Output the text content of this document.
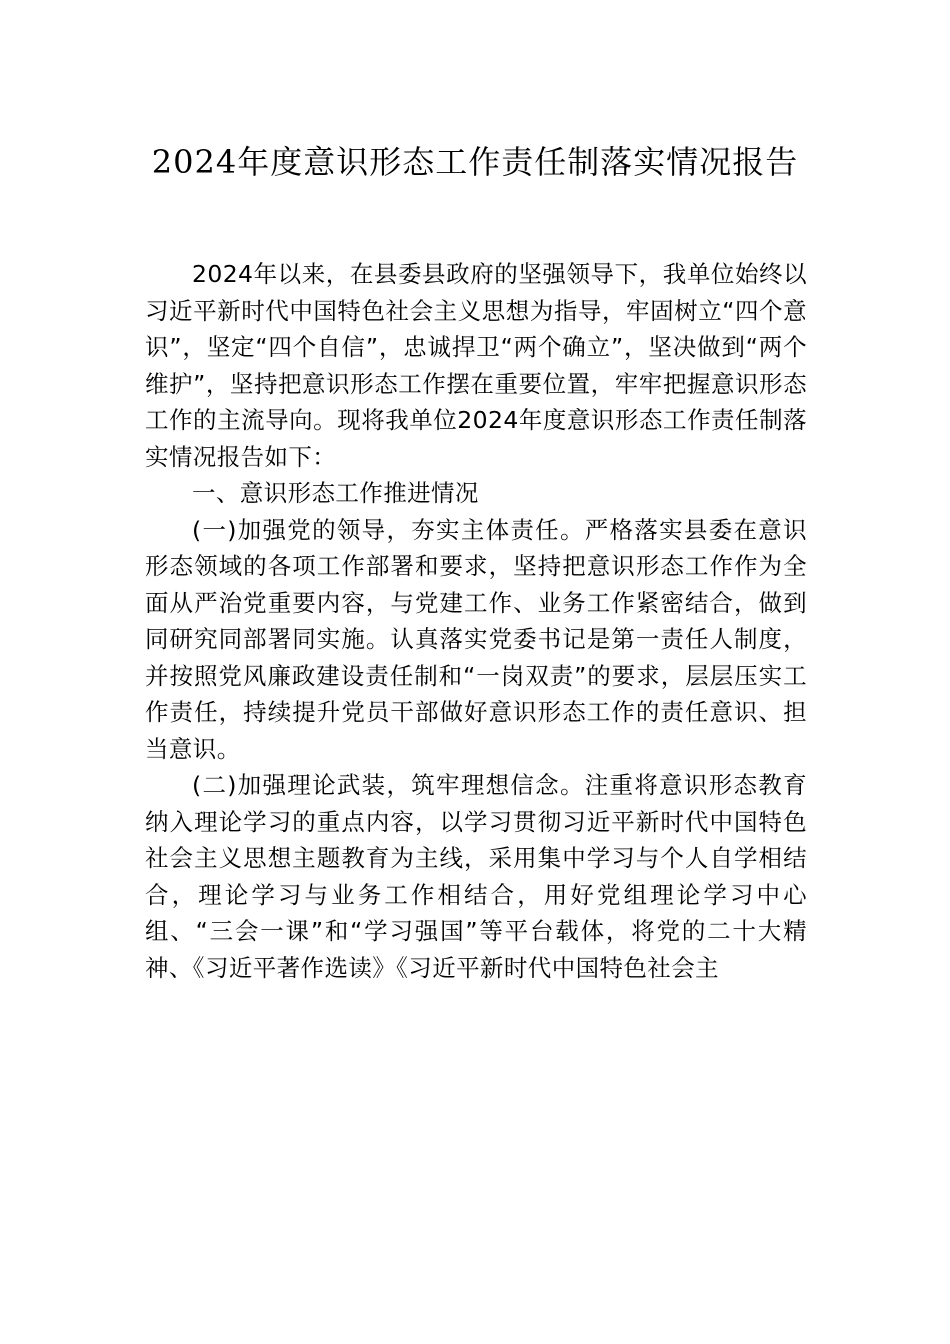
2024年度意识形态工作责任制落实情况报告

2024年以来，在县委县政府的坚强领导下，我单位始终以习近平新时代中国特色社会主义思想为指导，牢固树立“四个意识”，坚定“四个自信”，忠诚捍卫“两个确立”，坚决做到“两个维护”，坚持把意识形态工作摆在重要位置，牢牢把握意识形态工作的主流导向。现将我单位2024年度意识形态工作责任制落实情况报告如下：

一、意识形态工作推进情况

(一)加强党的领导，夯实主体责任。严格落实县委在意识形态领域的各项工作部署和要求，坚持把意识形态工作作为全面从严治党重要内容，与党建工作、业务工作紧密结合，做到同研究同部署同实施。认真落实党委书记是第一责任人制度，并按照党风廉政建设责任制和“一岗双责”的要求，层层压实工作责任，持续提升党员干部做好意识形态工作的责任意识、担当意识。

(二)加强理论武装，筑牢理想信念。注重将意识形态教育纳入理论学习的重点内容，以学习贯彻习近平新时代中国特色社会主义思想主题教育为主线，采用集中学习与个人自学相结合，理论学习与业务工作相结合，用好党组理论学习中心组、“三会一课”和“学习强国”等平台载体，将党的二十大精神、《习近平著作选读》《习近平新时代中国特色社会主
